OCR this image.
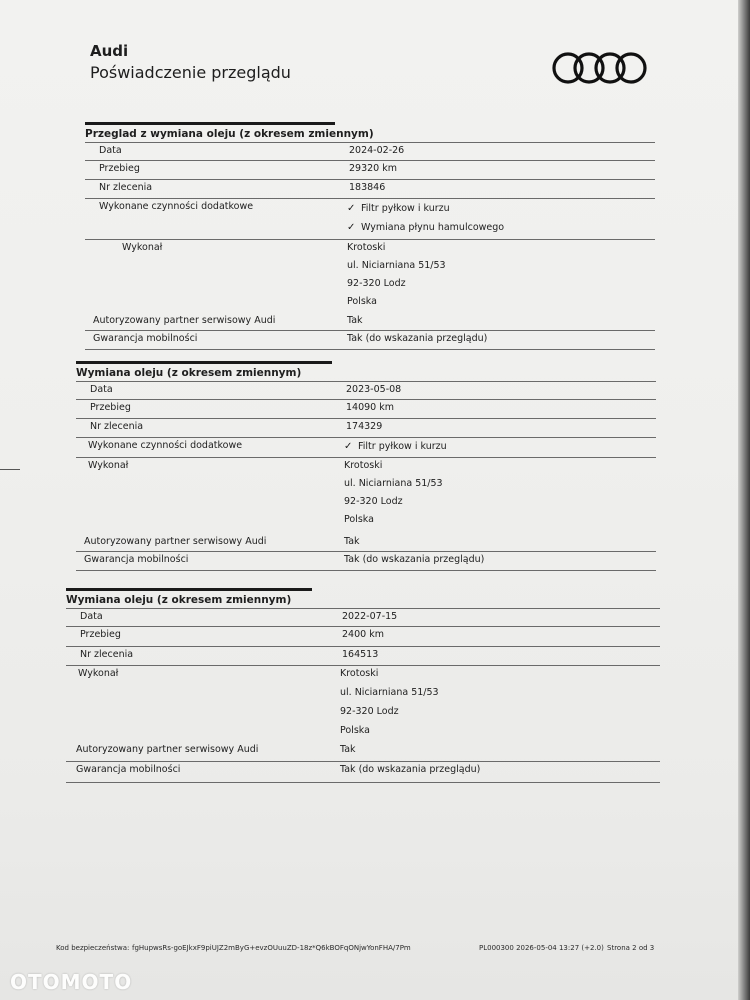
Audi
Poświadczenie przeglądu
Przeglad z wymiana oleju (z okresem zmiennym)
Data	2024-02-26
Przebieg	29320 km
Nr zlecenia	183846
Wykonane czynności dodatkowe	✓ Filtr pyłkow i kurzu
✓ Wymiana płynu hamulcowego
Wykonał	Krotoski
ul. Niciarniana 51/53
92-320 Lodz
Polska
Autoryzowany partner serwisowy Audi	Tak
Gwarancja mobilności	Tak (do wskazania przeglądu)
Wymiana oleju (z okresem zmiennym)
Data	2023-05-08
Przebieg	14090 km
Nr zlecenia	174329
Wykonane czynności dodatkowe	✓ Filtr pyłkow i kurzu
Wykonał	Krotoski
ul. Niciarniana 51/53
92-320 Lodz
Polska
Autoryzowany partner serwisowy Audi	Tak
Gwarancja mobilności	Tak (do wskazania przeglądu)
Wymiana oleju (z okresem zmiennym)
Data	2022-07-15
Przebieg	2400 km
Nr zlecenia	164513
Wykonał	Krotoski
ul. Niciarniana 51/53
92-320 Lodz
Polska
Autoryzowany partner serwisowy Audi	Tak
Gwarancja mobilności	Tak (do wskazania przeglądu)
Kod bezpieczeństwa: fgHupwsRs-goEJkxF9piUJZ2mByG+evzOUuuZD-18z*Q6kBOFqONjwYonFHA/7Pm	PL000300 2026-05-04 13:27 (+2.0) Strona 2 od 3
OTOMOTO
